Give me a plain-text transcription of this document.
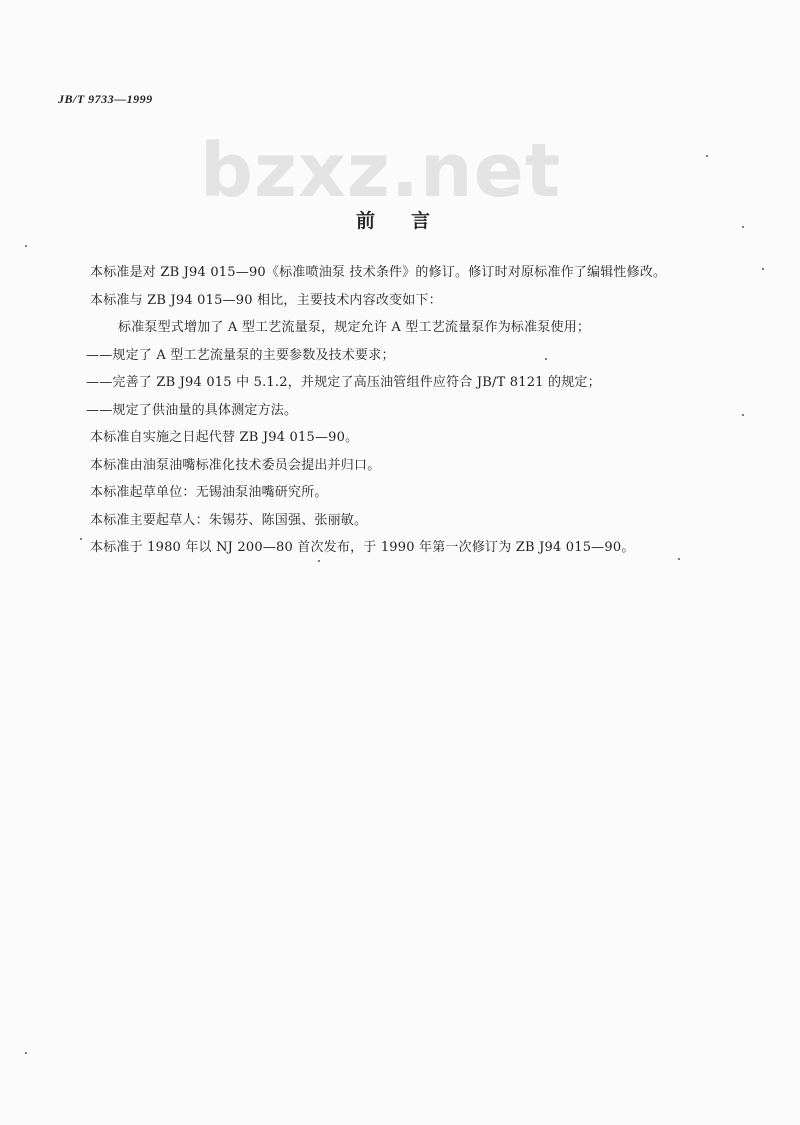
JB/T 9733—1999
bzxz.net
前言
本标准是对 ZB J94 015—90《标准喷油泵 技术条件》的修订。修订时对原标准作了编辑性修改。
本标准与 ZB J94 015—90 相比，主要技术内容改变如下：
标准泵型式增加了 A 型工艺流量泵，规定允许 A 型工艺流量泵作为标准泵使用；
——规定了 A 型工艺流量泵的主要参数及技术要求；
——完善了 ZB J94 015 中 5.1.2，并规定了高压油管组件应符合 JB/T 8121 的规定；
——规定了供油量的具体测定方法。
本标准自实施之日起代替 ZB J94 015—90。
本标准由油泵油嘴标准化技术委员会提出并归口。
本标准起草单位：无锡油泵油嘴研究所。
本标准主要起草人：朱锡芬、陈国强、张丽敏。
本标准于 1980 年以 NJ 200—80 首次发布，于 1990 年第一次修订为 ZB J94 015—90。
